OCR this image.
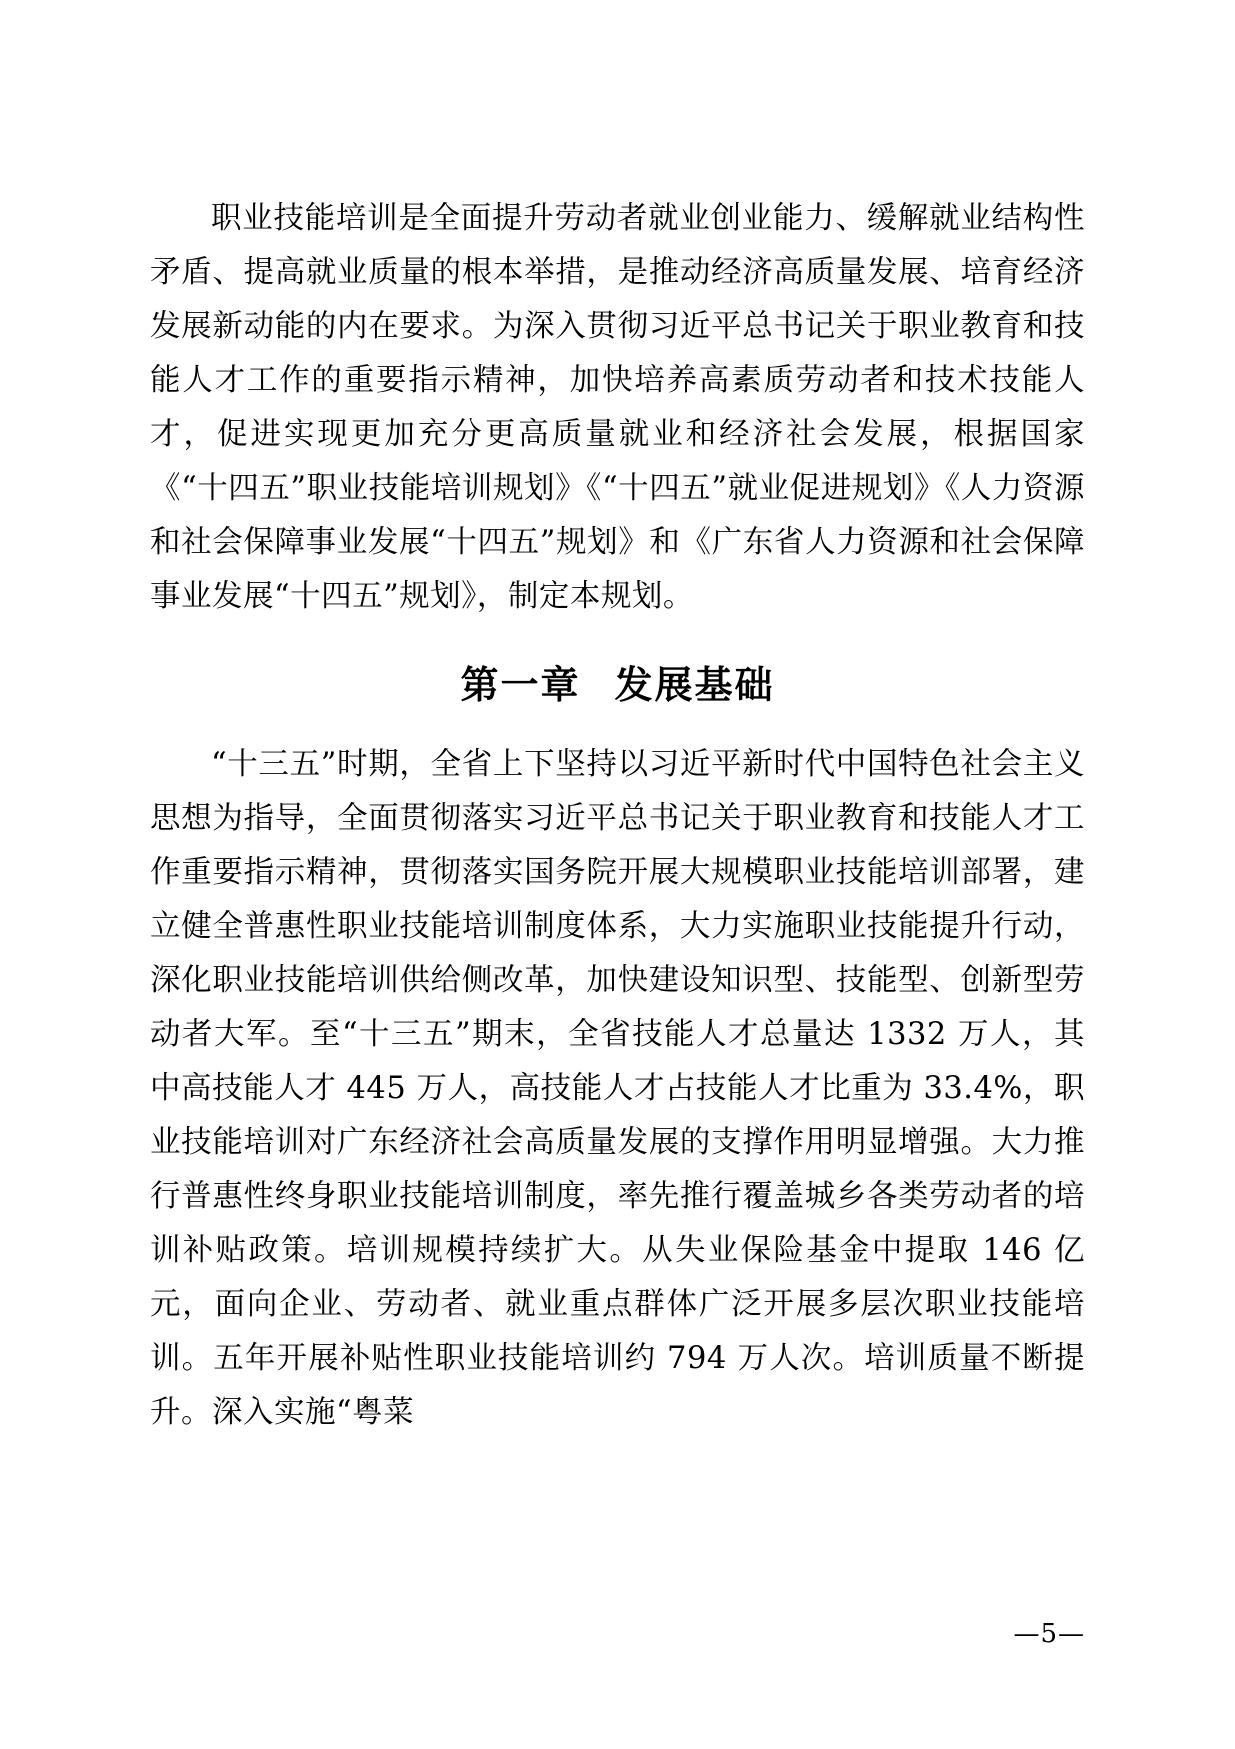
职业技能培训是全面提升劳动者就业创业能力、缓解就业结构性矛盾、提高就业质量的根本举措，是推动经济高质量发展、培育经济发展新动能的内在要求。为深入贯彻习近平总书记关于职业教育和技能人才工作的重要指示精神，加快培养高素质劳动者和技术技能人才，促进实现更加充分更高质量就业和经济社会发展，根据国家《“十四五”职业技能培训规划》《“十四五”就业促进规划》《人力资源和社会保障事业发展“十四五”规划》和《广东省人力资源和社会保障事业发展“十四五”规划》，制定本规划。

第一章 发展基础

“十三五”时期，全省上下坚持以习近平新时代中国特色社会主义思想为指导，全面贯彻落实习近平总书记关于职业教育和技能人才工作重要指示精神，贯彻落实国务院开展大规模职业技能培训部署，建立健全普惠性职业技能培训制度体系，大力实施职业技能提升行动，深化职业技能培训供给侧改革，加快建设知识型、技能型、创新型劳动者大军。至“十三五”期末，全省技能人才总量达 1332 万人，其中高技能人才 445 万人，高技能人才占技能人才比重为 33.4%，职业技能培训对广东经济社会高质量发展的支撑作用明显增强。大力推行普惠性终身职业技能培训制度，率先推行覆盖城乡各类劳动者的培训补贴政策。培训规模持续扩大。从失业保险基金中提取 146 亿元，面向企业、劳动者、就业重点群体广泛开展多层次职业技能培训。五年开展补贴性职业技能培训约 794 万人次。培训质量不断提升。深入实施“粤菜

—5—
